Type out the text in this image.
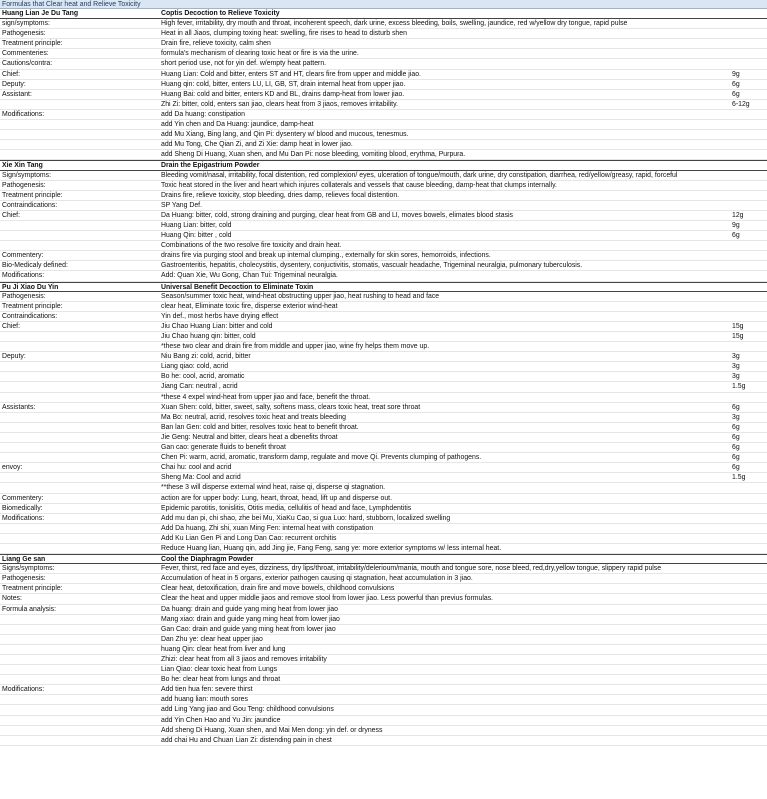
Formulas that Clear heat and Relieve Toxicity
Huang Lian Je Du Tang	Coptis Decoction to Relieve Toxicity
sign/symptoms:	High fever, irritability, dry mouth and throat, incoherent speech, dark urine, excess bleeding, boils, swelling, jaundice, red w/yellow dry tongue, rapid pulse
Pathogenesis:	Heat in all Jiaos, clumping toxing heat: swelling, fire rises to head to disturb shen
Treatment principle:	Drain fire, relieve toxicity, calm shen
Commenteries:	formula's mechanism of clearing toxic heat or fire is via the urine.
Cautions/contra:	short period use, not for yin def. w/empty heat pattern.
Chief:	Huang Lian: Cold and bitter, enters ST and HT, clears fire from upper and middle jiao.	9g
Deputy:	Huang qin: cold, bitter, enters LU, LI, GB, ST, drain internal heat from upper jiao.	6g
Assistant:	Huang Bai: cold and bitter, enters KD and BL, drains damp-heat from lower jiao.	6g
Zhi Zi: bitter, cold, enters san jiao, clears heat from 3 jiaos, removes irritability.	6-12g
Modifications:	add Da huang: constipation
add Yin chen and Da Huang: jaundice, damp-heat
add Mu Xiang, Bing lang, and Qin Pi: dysentery w/ blood and mucous, tenesmus.
add Mu Tong, Che Qian Zi, and Zi Xie: damp heat in lower jiao.
add Sheng Di Huang, Xuan shen, and Mu Dan Pi: nose bleeding, vomiting blood, erythma, Purpura.
Xie Xin Tang	Drain the Epigastrium Powder
Sign/symptoms:	Bleeding vomit/nasal, irritability, focal distention, red complexion/ eyes, ulceration of tongue/mouth, dark urine, dry constipation, diarrhea, red/yellow/greasy, rapid, forceful
Pathogenesis:	Toxic heat stored in the liver and heart which injures collaterals and vessels that cause bleeding, damp-heat that clumps internally.
Treatment principle:	Drains fire, relieve toxicity, stop bleeding, dries damp, relieves focal distention.
Contraindications:	SP Yang Def.
Chief:	Da Huang: bitter, cold, strong draining and purging, clear heat from GB and LI, moves bowels, elimates blood stasis	12g
Huang Lian: bitter, cold	9g
Huang Qin: bitter , cold	6g
Combinations of the two resolve fire toxicity and drain heat.
Commentery:	drains fire via purging stool and break up internal clumping., externally for skin sores, hemorroids, infections.
Bio-Medicaly defined:	Gastroenteritis, hepatitis, cholecystitis, dysentery, conjuctivitis, stomatis, vascualr headache, Trigeminal neuralgia, pulmonary tuberculosis.
Modifications:	Add: Quan Xie, Wu Gong, Chan Tui: Trigeminal neuralgia.
Pu Ji Xiao Du Yin	Universal Benefit Decoction to Eliminate Toxin
Pathogenesis:	Season/summer toxic heat, wind-heat obstructing upper jiao, heat rushing to head and face
Treatment principle:	clear heat, Eliminate toxic fire, disperse exterior wind-heat
Contraindications:	Yin def., most herbs have drying effect
Chief:	Jiu Chao Huang Lian: bitter and cold	15g
Jiu Chao huang qin: bitter, cold	15g
*these two clear and drain fire from middle and upper jiao, wine fry helps them move up.
Deputy:	Niu Bang zi: cold, acrid, bitter	3g
Liang qiao: cold, acrid	3g
Bo he: cool, acrid, aromatic	3g
Jiang Can: neutral , acrid	1.5g
*these 4 expel wind-heat from upper jiao and face, benefit the throat.
Assistants:	Xuan Shen: cold, bitter, sweet, salty, softens mass, clears toxic heat, treat sore throat	6g
Ma Bo: neutral, acrid, resolves toxic heat and treats bleeding	3g
Ban lan Gen: cold and bitter, resolves toxic heat to benefit throat.	6g
Jie Geng: Neutral and bitter, clears heat a dbenefits throat	6g
Gan cao: generate fluids to benefit throat	6g
Chen Pi: warm, acrid, aromatic, transform damp, regulate and move Qi. Prevents clumping of pathogens.	6g
envoy:	Chai hu: cool and acrid	6g
Sheng Ma: Cool and acrid	1.5g
**these 3 will disperse external wind heat, raise qi, disperse qi stagnation.
Commentery:	action are for upper body: Lung, heart, throat, head, lift up and disperse out.
Biomedically:	Epidemic parotitis, tonislitis, Otitis media, cellulitis of head and face, Lymphdentitis
Modifications:	Add mu dan pi, chi shao, zhe bei Mu, XiaKu Cao, si gua Luo: hard, stubborn, localized swelling
Add Da huang, Zhi shi, xuan Ming Fen: internal heat with constipation
Add Ku Lian Gen Pi and Long Dan Cao: recurrent orchitis
Reduce Huang lian, Huang qin, add Jing jie, Fang Feng, sang ye: more exterior symptoms w/ less internal heat.
Liang Ge san	Cool the Diaphragm Powder
Signs/symptoms:	Fever, thirst, red face and eyes, dizziness, dry lips/throat, irritability/delerioum/mania, mouth and tongue sore, nose bleed, red,dry,yellow tongue, slippery rapid pulse
Pathogenesis:	Accumulation of heat in 5 organs, exterior pathogen causing qi stagnation, heat accumulation in 3 jiao.
Treatment principle:	Clear heat, detoxification, drain fire and move bowels, childhood convulsions
Notes:	Clear the heat and upper middle jiaos and remove stool from lower jiao. Less powerful than previus formulas.
Formula analysis:	Da huang: drain and guide yang ming heat from lower jiao
Mang xiao: drain and guide yang ming heat from lower jiao
Gan Cao: drain and guide yang ming heat from lower jiao
Dan Zhu ye: clear heat upper jiao
huang Qin: clear heat from liver and lung
Zhizi: clear heat from all 3 jiaos and removes irritability
Lian Qiao: clear toxic heat from Lungs
Bo he: clear heat from lungs and throat
Modifications:	Add tien hua fen: severe thirst
add huang lian: mouth sores
add Ling Yang jiao and Gou Teng: childhood convulsions
add Yin Chen Hao and Yu Jin: jaundice
Add sheng Di Huang, Xuan shen, and Mai Men dong: yin def. or dryness
add chai Hu and Chuan Lian Zi: distending pain in chest
